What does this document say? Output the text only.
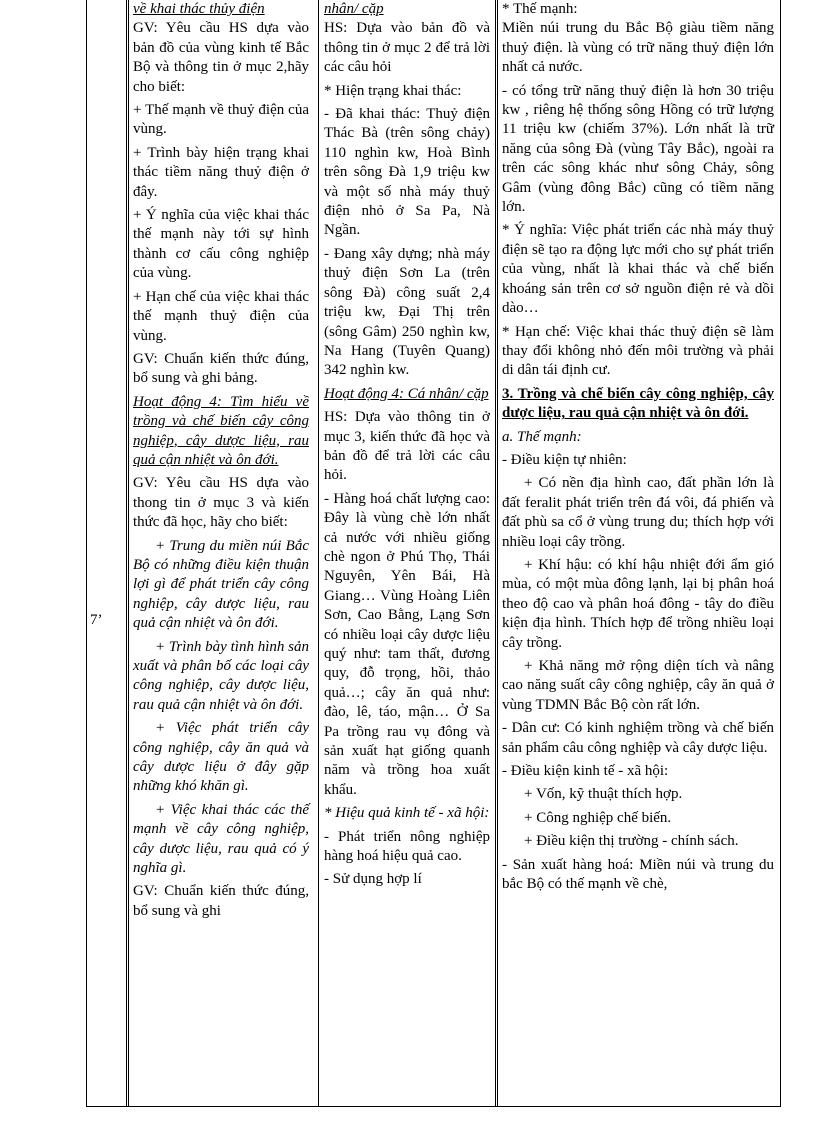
7’

về khai thác thủy điện

GV: Yêu cầu HS dựa vào bản đồ của vùng kinh tế Bắc Bộ và thông tin ở mục 2,hãy cho biết:

+ Thế mạnh về thuỷ điện của vùng.

+ Trình bày hiện trạng khai thác tiềm năng thuỷ điện ở đây.

+ Ý nghĩa của việc khai thác thế mạnh này tới sự hình thành cơ cấu công nghiệp của vùng.

+ Hạn chế của việc khai thác thế mạnh thuỷ điện của vùng.

GV: Chuẩn kiến thức đúng, bổ sung và ghi bảng.

Hoạt động 4: Tìm hiểu về trồng và chế biến cây công nghiệp, cây dược liệu, rau quả cận nhiệt và ôn đới.

GV: Yêu cầu HS dựa vào thong tin ở mục 3 và kiến thức đã học, hãy cho biết:

+ Trung du miền núi Bắc Bộ có những điều kiện thuận lợi gì để phát triển cây công nghiệp, cây dược liệu, rau quả cận nhiệt và ôn đới.

+ Trình bày tình hình sản xuất và phân bố các loại cây công nghiệp, cây dược liệu, rau quả cận nhiệt và ôn đới.

+ Việc phát triển cây công nghiệp, cây ăn quả và cây dược liệu ở đây gặp những khó khăn gì.

+ Việc khai thác các thế mạnh về cây công nghiệp, cây dược liệu, rau quả có ý nghĩa gì.

GV: Chuẩn kiến thức đúng, bổ sung và ghi

nhân/ cặp

HS: Dựa vào bản đồ và thông tin ở mục 2 để trả lời các câu hỏi

* Hiện trạng khai thác:

- Đã khai thác: Thuỷ điện Thác Bà (trên sông chảy) 110 nghìn kw, Hoà Bình trên sông Đà 1,9 triệu kw và một số nhà máy thuỷ điện nhỏ ở Sa Pa, Nà Ngần.

- Đang xây dựng; nhà máy thuỷ điện Sơn La (trên sông Đà) công suất 2,4 triệu kw, Đại Thị trên (sông Gâm) 250 nghìn kw, Na Hang (Tuyên Quang) 342 nghìn kw.

Hoạt động 4: Cá nhân/ cặp

HS: Dựa vào thông tin ở mục 3, kiến thức đã học và bản đồ để trả lời các câu hỏi.

- Hàng hoá chất lượng cao: Đây là vùng chè lớn nhất cả nước với nhiều giống chè ngon ở Phú Thọ, Thái Nguyên, Yên Bái, Hà Giang… Vùng Hoàng Liên Sơn, Cao Bằng, Lạng Sơn có nhiều loại cây dược liệu quý như: tam thất, đương quy, đỗ trọng, hồi, thảo quả…; cây ăn quả như: đào, lê, táo, mận… Ở Sa Pa trồng rau vụ đông và sản xuất hạt giống quanh năm và trồng hoa xuất khẩu.

* Hiệu quả kinh tế - xã hội:

- Phát triển nông nghiệp hàng hoá hiệu quả cao.

- Sử dụng hợp lí

* Thế mạnh:

Miền núi trung du Bắc Bộ giàu tiềm năng thuỷ điện. là vùng có trữ năng thuỷ điện lớn nhất cả nước.

- có tổng trữ năng thuỷ điện là hơn 30 triệu kw , riêng hệ thống sông Hồng có trữ lượng 11 triệu kw (chiếm 37%). Lớn nhất là trữ năng của sông Đà (vùng Tây Bắc), ngoài ra trên các sông khác như sông Chảy, sông Gâm (vùng đông Bắc) cũng có tiềm năng lớn.

* Ý nghĩa: Việc phát triển các nhà máy thuỷ điện sẽ tạo ra động lực mới cho sự phát triển của vùng, nhất là khai thác và chế biến khoáng sản trên cơ sở nguồn điện rẻ và dồi dào…

* Hạn chế: Việc khai thác thuỷ điện sẽ làm thay đổi không nhỏ đến môi trường và phải di dân tái định cư.

3. Trồng và chế biến cây công nghiệp, cây dược liệu, rau quả cận nhiệt và ôn đới.

a. Thế mạnh:

- Điều kiện tự nhiên:

+ Có nền địa hình cao, đất phần lớn là đất feralit phát triển trên đá vôi, đá phiến và đất phù sa cổ ở vùng trung du; thích hợp với nhiều loại cây trồng.

+ Khí hậu: có khí hậu nhiệt đới ẩm gió mùa, có một mùa đông lạnh, lại bị phân hoá theo độ cao và phân hoá đông - tây do điều kiện địa hình. Thích hợp để trồng nhiều loại cây trồng.

+ Khả năng mở rộng diện tích và nâng cao năng suất cây công nghiệp, cây ăn quả ở vùng TDMN Bắc Bộ còn rất lớn.

- Dân cư: Có kinh nghiệm trồng và chế biến sản phẩm câu công nghiệp và cây dược liệu.

- Điều kiện kinh tế - xã hội:

+ Vốn, kỹ thuật thích hợp.

+ Công nghiệp chế biến.

+ Điều kiện thị trường - chính sách.

- Sản xuất hàng hoá: Miền núi và trung du bắc Bộ có thế mạnh về chè,
